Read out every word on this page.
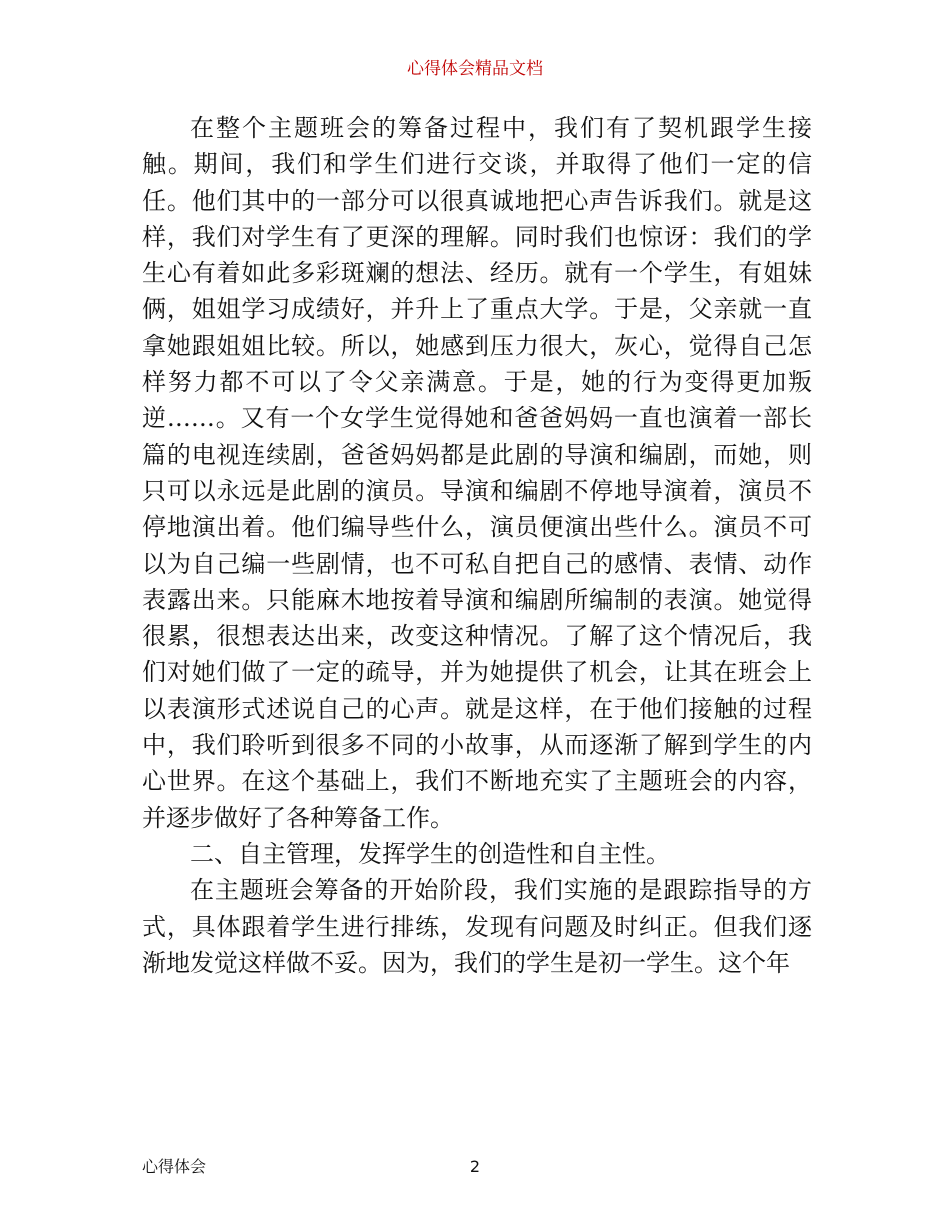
心得体会精品文档

在整个主题班会的筹备过程中，我们有了契机跟学生接触。期间，我们和学生们进行交谈，并取得了他们一定的信任。他们其中的一部分可以很真诚地把心声告诉我们。就是这样，我们对学生有了更深的理解。同时我们也惊讶：我们的学生心有着如此多彩斑斓的想法、经历。就有一个学生，有姐妹俩，姐姐学习成绩好，并升上了重点大学。于是，父亲就一直拿她跟姐姐比较。所以，她感到压力很大，灰心，觉得自己怎样努力都不可以了令父亲满意。于是，她的行为变得更加叛逆……。又有一个女学生觉得她和爸爸妈妈一直也演着一部长篇的电视连续剧，爸爸妈妈都是此剧的导演和编剧，而她，则只可以永远是此剧的演员。导演和编剧不停地导演着，演员不停地演出着。他们编导些什么，演员便演出些什么。演员不可以为自己编一些剧情，也不可私自把自己的感情、表情、动作表露出来。只能麻木地按着导演和编剧所编制的表演。她觉得很累，很想表达出来，改变这种情况。了解了这个情况后，我们对她们做了一定的疏导，并为她提供了机会，让其在班会上以表演形式述说自己的心声。就是这样，在于他们接触的过程中，我们聆听到很多不同的小故事，从而逐渐了解到学生的内心世界。在这个基础上，我们不断地充实了主题班会的内容，并逐步做好了各种筹备工作。

二、自主管理，发挥学生的创造性和自主性。

在主题班会筹备的开始阶段，我们实施的是跟踪指导的方式，具体跟着学生进行排练，发现有问题及时纠正。但我们逐渐地发觉这样做不妥。因为，我们的学生是初一学生。这个年

心得体会	2
